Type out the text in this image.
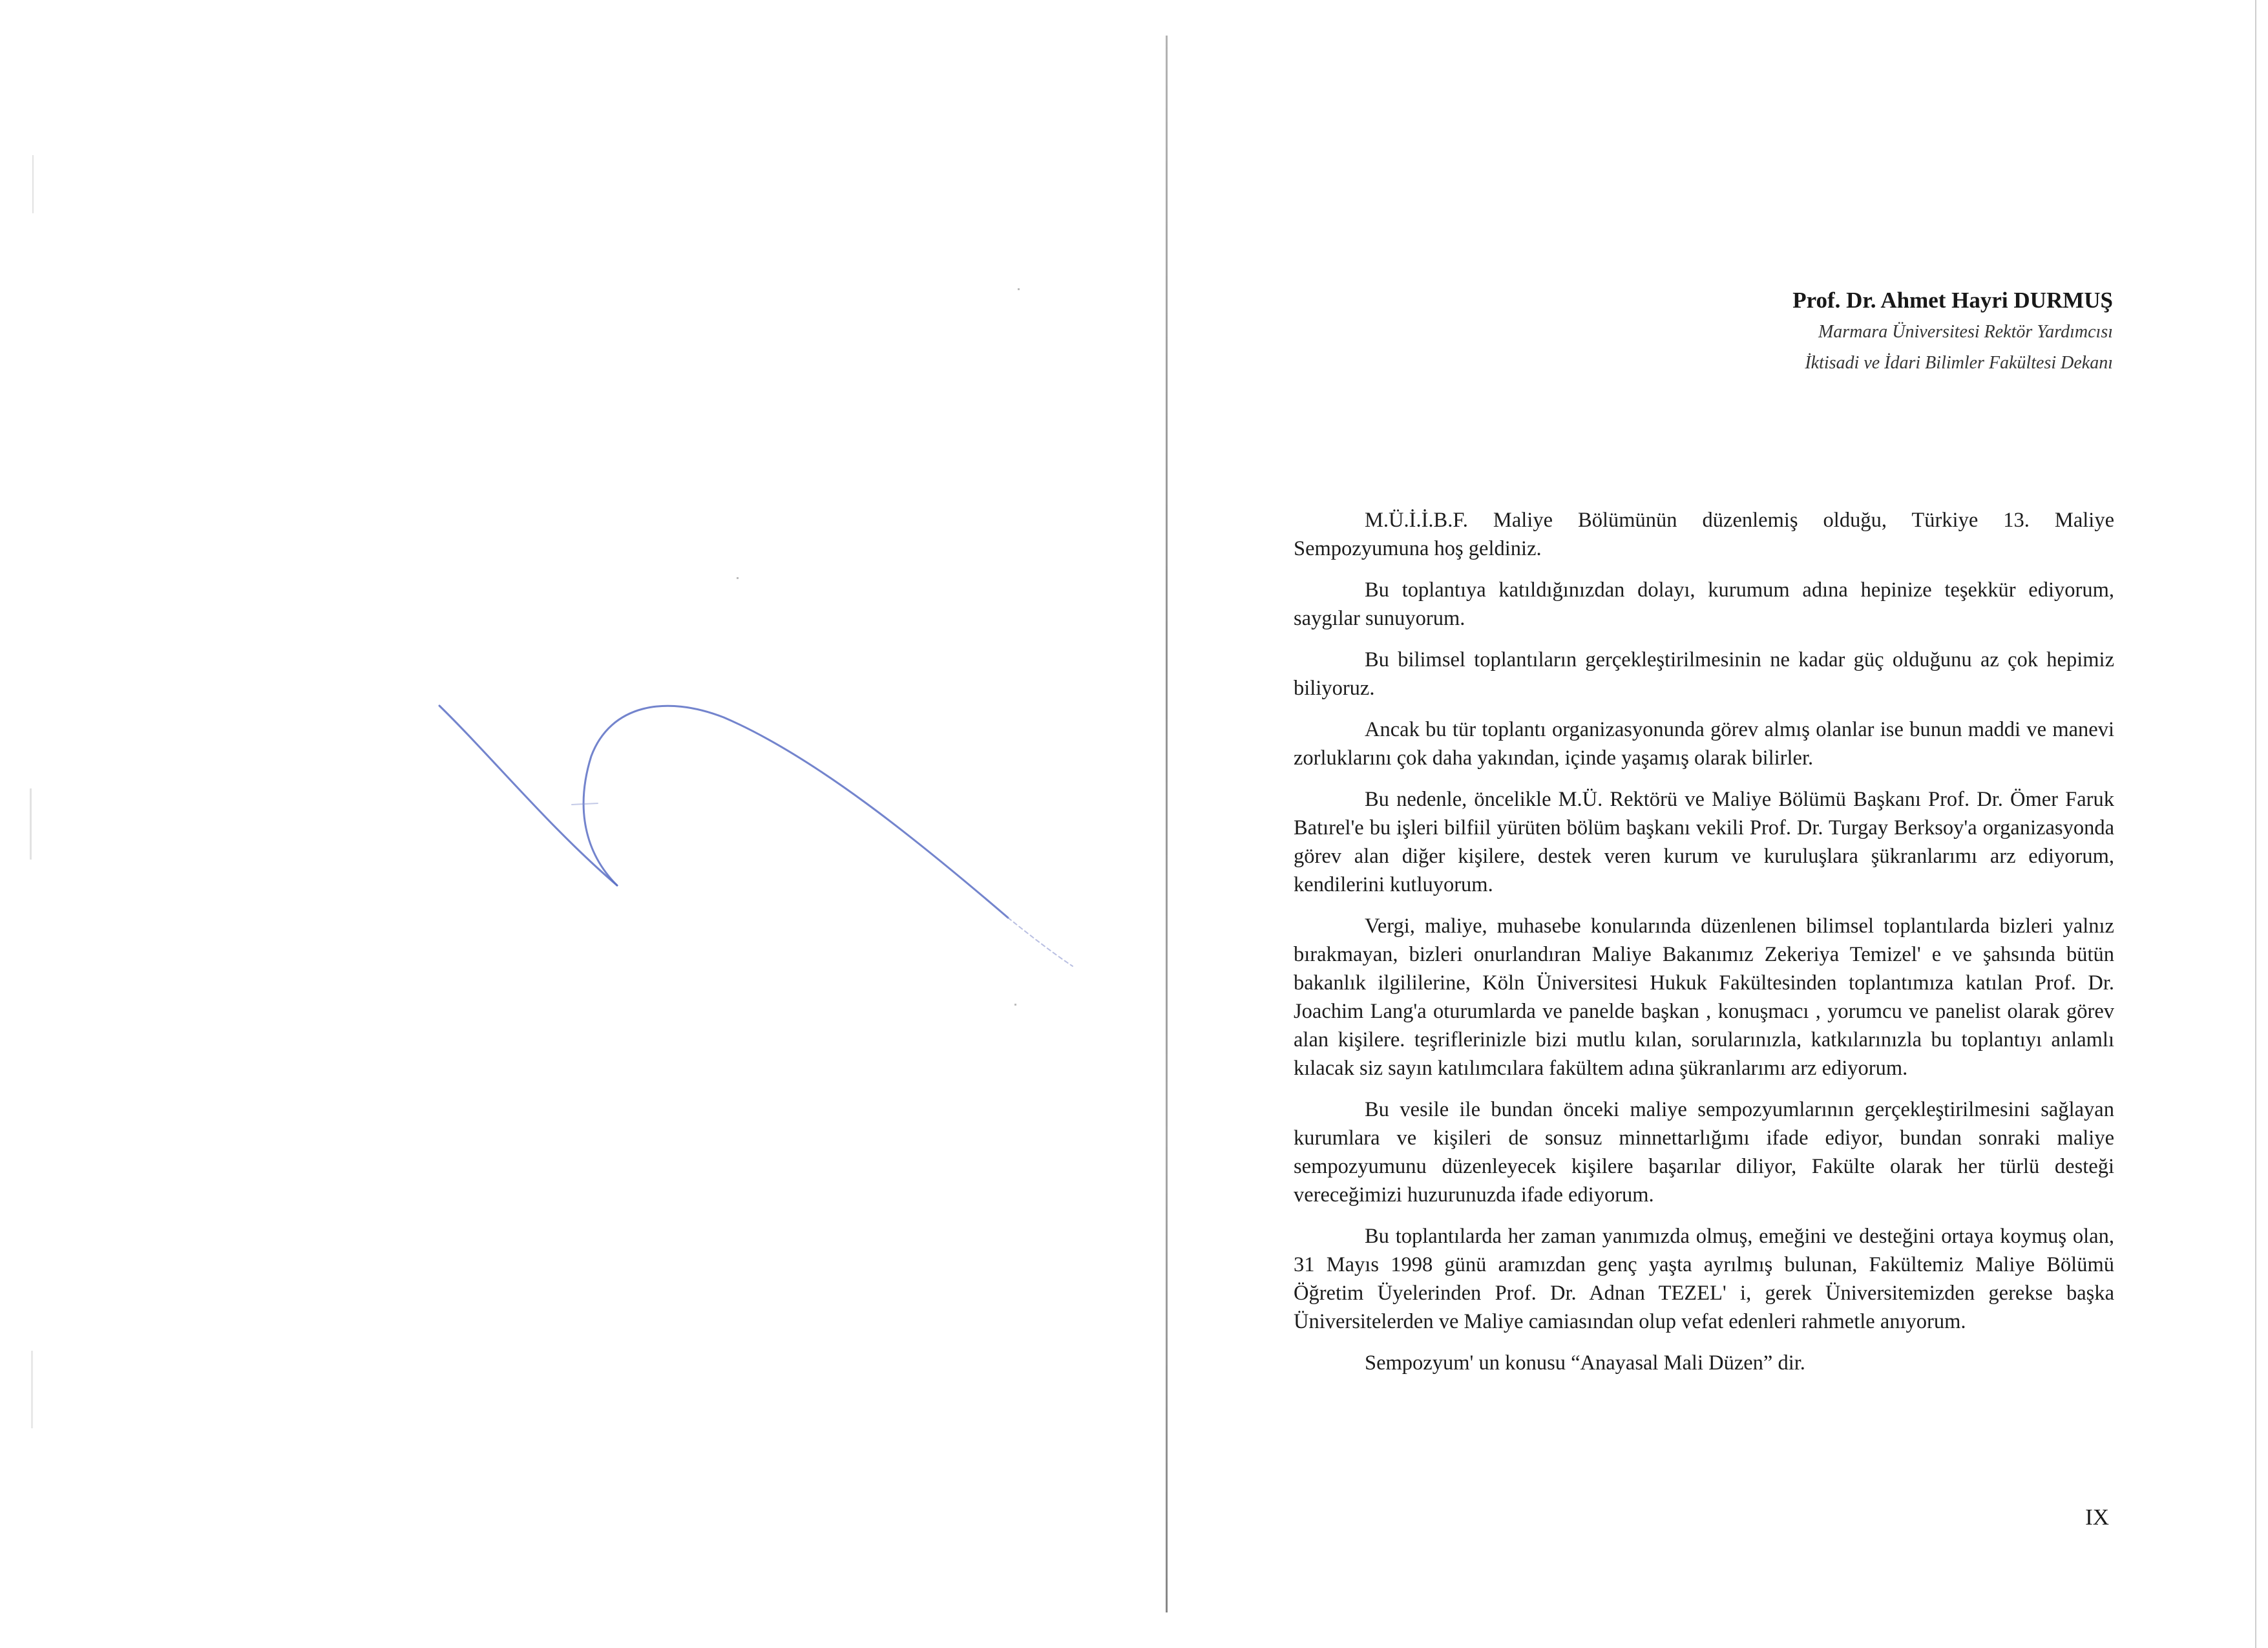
Prof. Dr. Ahmet Hayri DURMUŞ
Marmara Üniversitesi Rektör Yardımcısı
İktisadi ve İdari Bilimler Fakültesi Dekanı

M.Ü.İ.İ.B.F. Maliye Bölümünün düzenlemiş olduğu, Türkiye 13. Maliye Sempozyumuna hoş geldiniz.

Bu toplantıya katıldığınızdan dolayı, kurumum adına hepinize teşekkür ediyorum, saygılar sunuyorum.

Bu bilimsel toplantıların gerçekleştirilmesinin ne kadar güç olduğunu az çok hepimiz biliyoruz.

Ancak bu tür toplantı organizasyonunda görev almış olanlar ise bunun maddi ve manevi zorluklarını çok daha yakından, içinde yaşamış olarak bilirler.

Bu nedenle, öncelikle M.Ü. Rektörü ve Maliye Bölümü Başkanı Prof. Dr. Ömer Faruk Batırel'e bu işleri bilfiil yürüten bölüm başkanı vekili Prof. Dr. Turgay Berksoy'a organizasyonda görev alan diğer kişilere, destek veren kurum ve kuruluşlara şükranlarımı arz ediyorum, kendilerini kutluyorum.

Vergi, maliye, muhasebe konularında düzenlenen bilimsel toplantılarda bizleri yalnız bırakmayan, bizleri onurlandıran Maliye Bakanımız Zekeriya Temizel' e ve şahsında bütün bakanlık ilgililerine, Köln Üniversitesi Hukuk Fakültesinden toplantımıza katılan Prof. Dr. Joachim Lang'a oturumlarda ve panelde başkan , konuşmacı , yorumcu ve panelist olarak görev alan kişilere. teşriflerinizle bizi mutlu kılan, sorularınızla, katkılarınızla bu toplantıyı anlamlı kılacak siz sayın katılımcılara fakültem adına şükranlarımı arz ediyorum.

Bu vesile ile bundan önceki maliye sempozyumlarının gerçekleştirilmesini sağlayan kurumlara ve kişileri de sonsuz minnettarlığımı ifade ediyor, bundan sonraki maliye sempozyumunu düzenleyecek kişilere başarılar diliyor, Fakülte olarak her türlü desteği vereceğimizi huzurunuzda ifade ediyorum.

Bu toplantılarda her zaman yanımızda olmuş, emeğini ve desteğini ortaya koymuş olan, 31 Mayıs 1998 günü aramızdan genç yaşta ayrılmış bulunan, Fakültemiz Maliye Bölümü Öğretim Üyelerinden Prof. Dr. Adnan TEZEL' i, gerek Üniversitemizden gerekse başka Üniversitelerden ve Maliye camiasından olup vefat edenleri rahmetle anıyorum.

Sempozyum' un konusu “Anayasal Mali Düzen” dir.

IX
